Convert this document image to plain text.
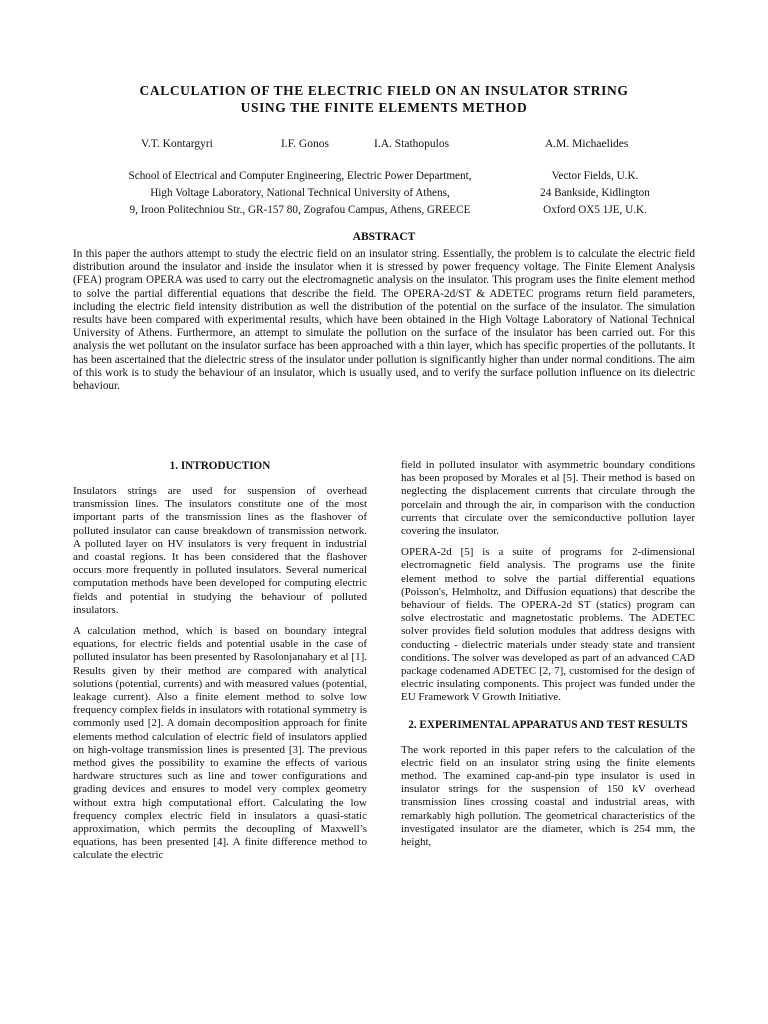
CALCULATION OF THE ELECTRIC FIELD ON AN INSULATOR STRING
USING THE FINITE ELEMENTS METHOD
V.T. Kontargyri	I.F. Gonos	I.A. Stathopulos	A.M. Michaelides
School of Electrical and Computer Engineering, Electric Power Department,
High Voltage Laboratory, National Technical University of Athens,
9, Iroon Politechniou Str., GR-157 80, Zografou Campus, Athens, GREECE
Vector Fields, U.K.
24 Bankside, Kidlington
Oxford OX5 1JE, U.K.
ABSTRACT

In this paper the authors attempt to study the electric field on an insulator string. Essentially, the problem is to calculate the electric field distribution around the insulator and inside the insulator when it is stressed by power frequency voltage. The Finite Element Analysis (FEA) program OPERA was used to carry out the electromagnetic analysis on the insulator. This program uses the finite element method to solve the partial differential equations that describe the field. The OPERA-2d/ST & ADETEC programs return field parameters, including the electric field intensity distribution as well the distribution of the potential on the surface of the insulator. The simulation results have been compared with experimental results, which have been obtained in the High Voltage Laboratory of National Technical University of Athens. Furthermore, an attempt to simulate the pollution on the surface of the insulator has been carried out. For this analysis the wet pollutant on the insulator surface has been approached with a thin layer, which has specific properties of the pollutants. It has been ascertained that the dielectric stress of the insulator under pollution is significantly higher than under normal conditions. The aim of this work is to study the behaviour of an insulator, which is usually used, and to verify the surface pollution influence on its dielectric behaviour.

1. INTRODUCTION

Insulators strings are used for suspension of overhead transmission lines. The insulators constitute one of the most important parts of the transmission lines as the flashover of polluted insulator can cause breakdown of transmission network. A polluted layer on HV insulators is very frequent in industrial and coastal regions. It has been considered that the flashover occurs more frequently in polluted insulators. Several numerical computation methods have been developed for computing electric fields and potential in studying the behaviour of polluted insulators.

A calculation method, which is based on boundary integral equations, for electric fields and potential usable in the case of polluted insulator has been presented by Rasolonjanahary et al [1]. Results given by their method are compared with analytical solutions (potential, currents) and with measured values (potential, leakage current). Also a finite element method to solve low frequency complex fields in insulators with rotational symmetry is commonly used [2]. A domain decomposition approach for finite elements method calculation of electric field of insulators applied on high-voltage transmission lines is presented [3]. The previous method gives the possibility to examine the effects of various hardware structures such as line and tower configurations and grading devices and ensures to model very complex geometry without extra high computational effort. Calculating the low frequency complex electric field in insulators a quasi-static approximation, which permits the decoupling of Maxwell’s equations, has been presented [4]. A finite difference method to calculate the electric

field in polluted insulator with asymmetric boundary conditions has been proposed by Morales et al [5]. Their method is based on neglecting the displacement currents that circulate through the porcelain and through the air, in comparison with the conduction currents that circulate over the semiconductive pollution layer covering the insulator.

OPERA-2d [5] is a suite of programs for 2-dimensional electromagnetic field analysis. The programs use the finite element method to solve the partial differential equations (Poisson's, Helmholtz, and Diffusion equations) that describe the behaviour of fields. The OPERA-2d ST (statics) program can solve electrostatic and magnetostatic problems. The ADETEC solver provides field solution modules that address designs with conducting - dielectric materials under steady state and transient conditions. The solver was developed as part of an advanced CAD package codenamed ADETEC [2, 7], customised for the design of electric insulating components. This project was funded under the EU Framework V Growth Initiative.

2. EXPERIMENTAL APPARATUS AND TEST RESULTS

The work reported in this paper refers to the calculation of the electric field on an insulator string using the finite elements method. The examined cap-and-pin type insulator is used in insulator strings for the suspension of 150 kV overhead transmission lines crossing coastal and industrial areas, with remarkably high pollution. The geometrical characteristics of the investigated insulator are the diameter, which is 254 mm, the height,
